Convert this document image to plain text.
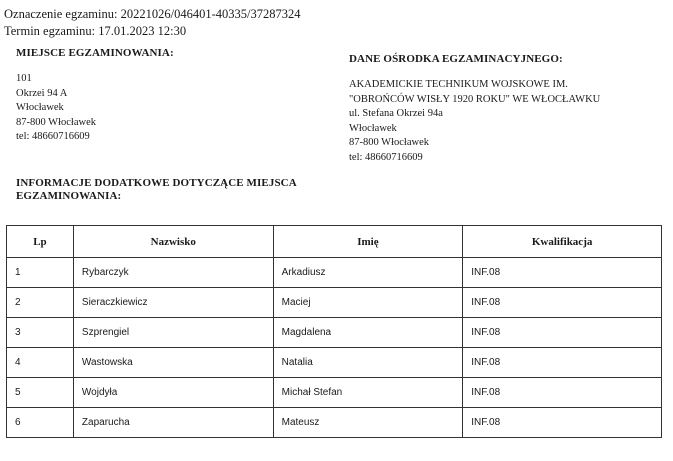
Oznaczenie egzaminu: 20221026/046401-40335/37287324
Termin egzaminu: 17.01.2023 12:30
MIEJSCE EGZAMINOWANIA:
101
Okrzei 94 A
Włocławek
87-800 Włocławek
tel: 48660716609
DANE OŚRODKA EGZAMINACYJNEGO:
AKADEMICKIE TECHNIKUM WOJSKOWE IM.
"OBROŃCÓW WISŁY 1920 ROKU" WE WŁOCŁAWKU
ul. Stefana Okrzei 94a
Włocławek
87-800 Włocławek
tel: 48660716609
INFORMACJE DODATKOWE DOTYCZĄCE MIEJSCA
EGZAMINOWANIA:
Lp	Nazwisko	Imię	Kwalifikacja
1	Rybarczyk	Arkadiusz	INF.08
2	Sieraczkiewicz	Maciej	INF.08
3	Szprengiel	Magdalena	INF.08
4	Wastowska	Natalia	INF.08
5	Wojdyła	Michał Stefan	INF.08
6	Zaparucha	Mateusz	INF.08
